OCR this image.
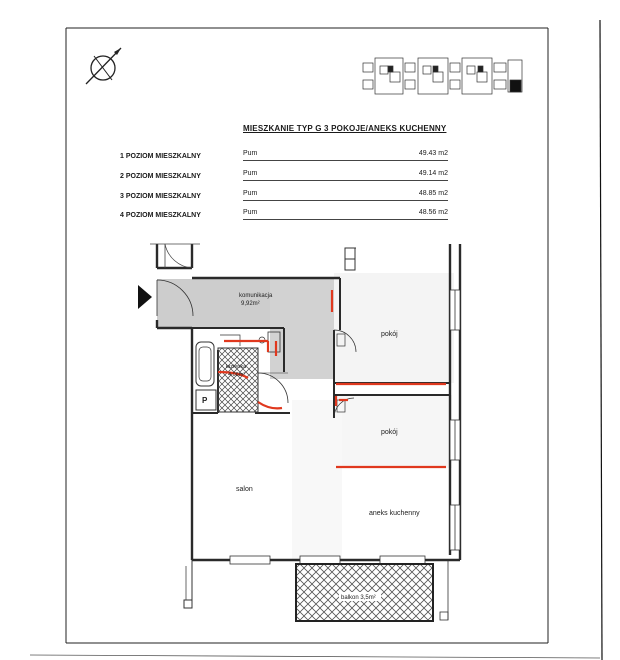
komunikacja
9,92m²
pokój
łazienka
4,06m²
P
pokój
salon
aneks kuchenny
balkon 3,5m²
MIESZKANIE TYP G 3 POKOJE/ANEKS KUCHENNY
1 POZIOM MIESZKALNY	Pum	49.43 m2
2 POZIOM MIESZKALNY	Pum	49.14 m2
3 POZIOM MIESZKALNY	Pum	48.85 m2
4 POZIOM MIESZKALNY	Pum	48.56 m2
